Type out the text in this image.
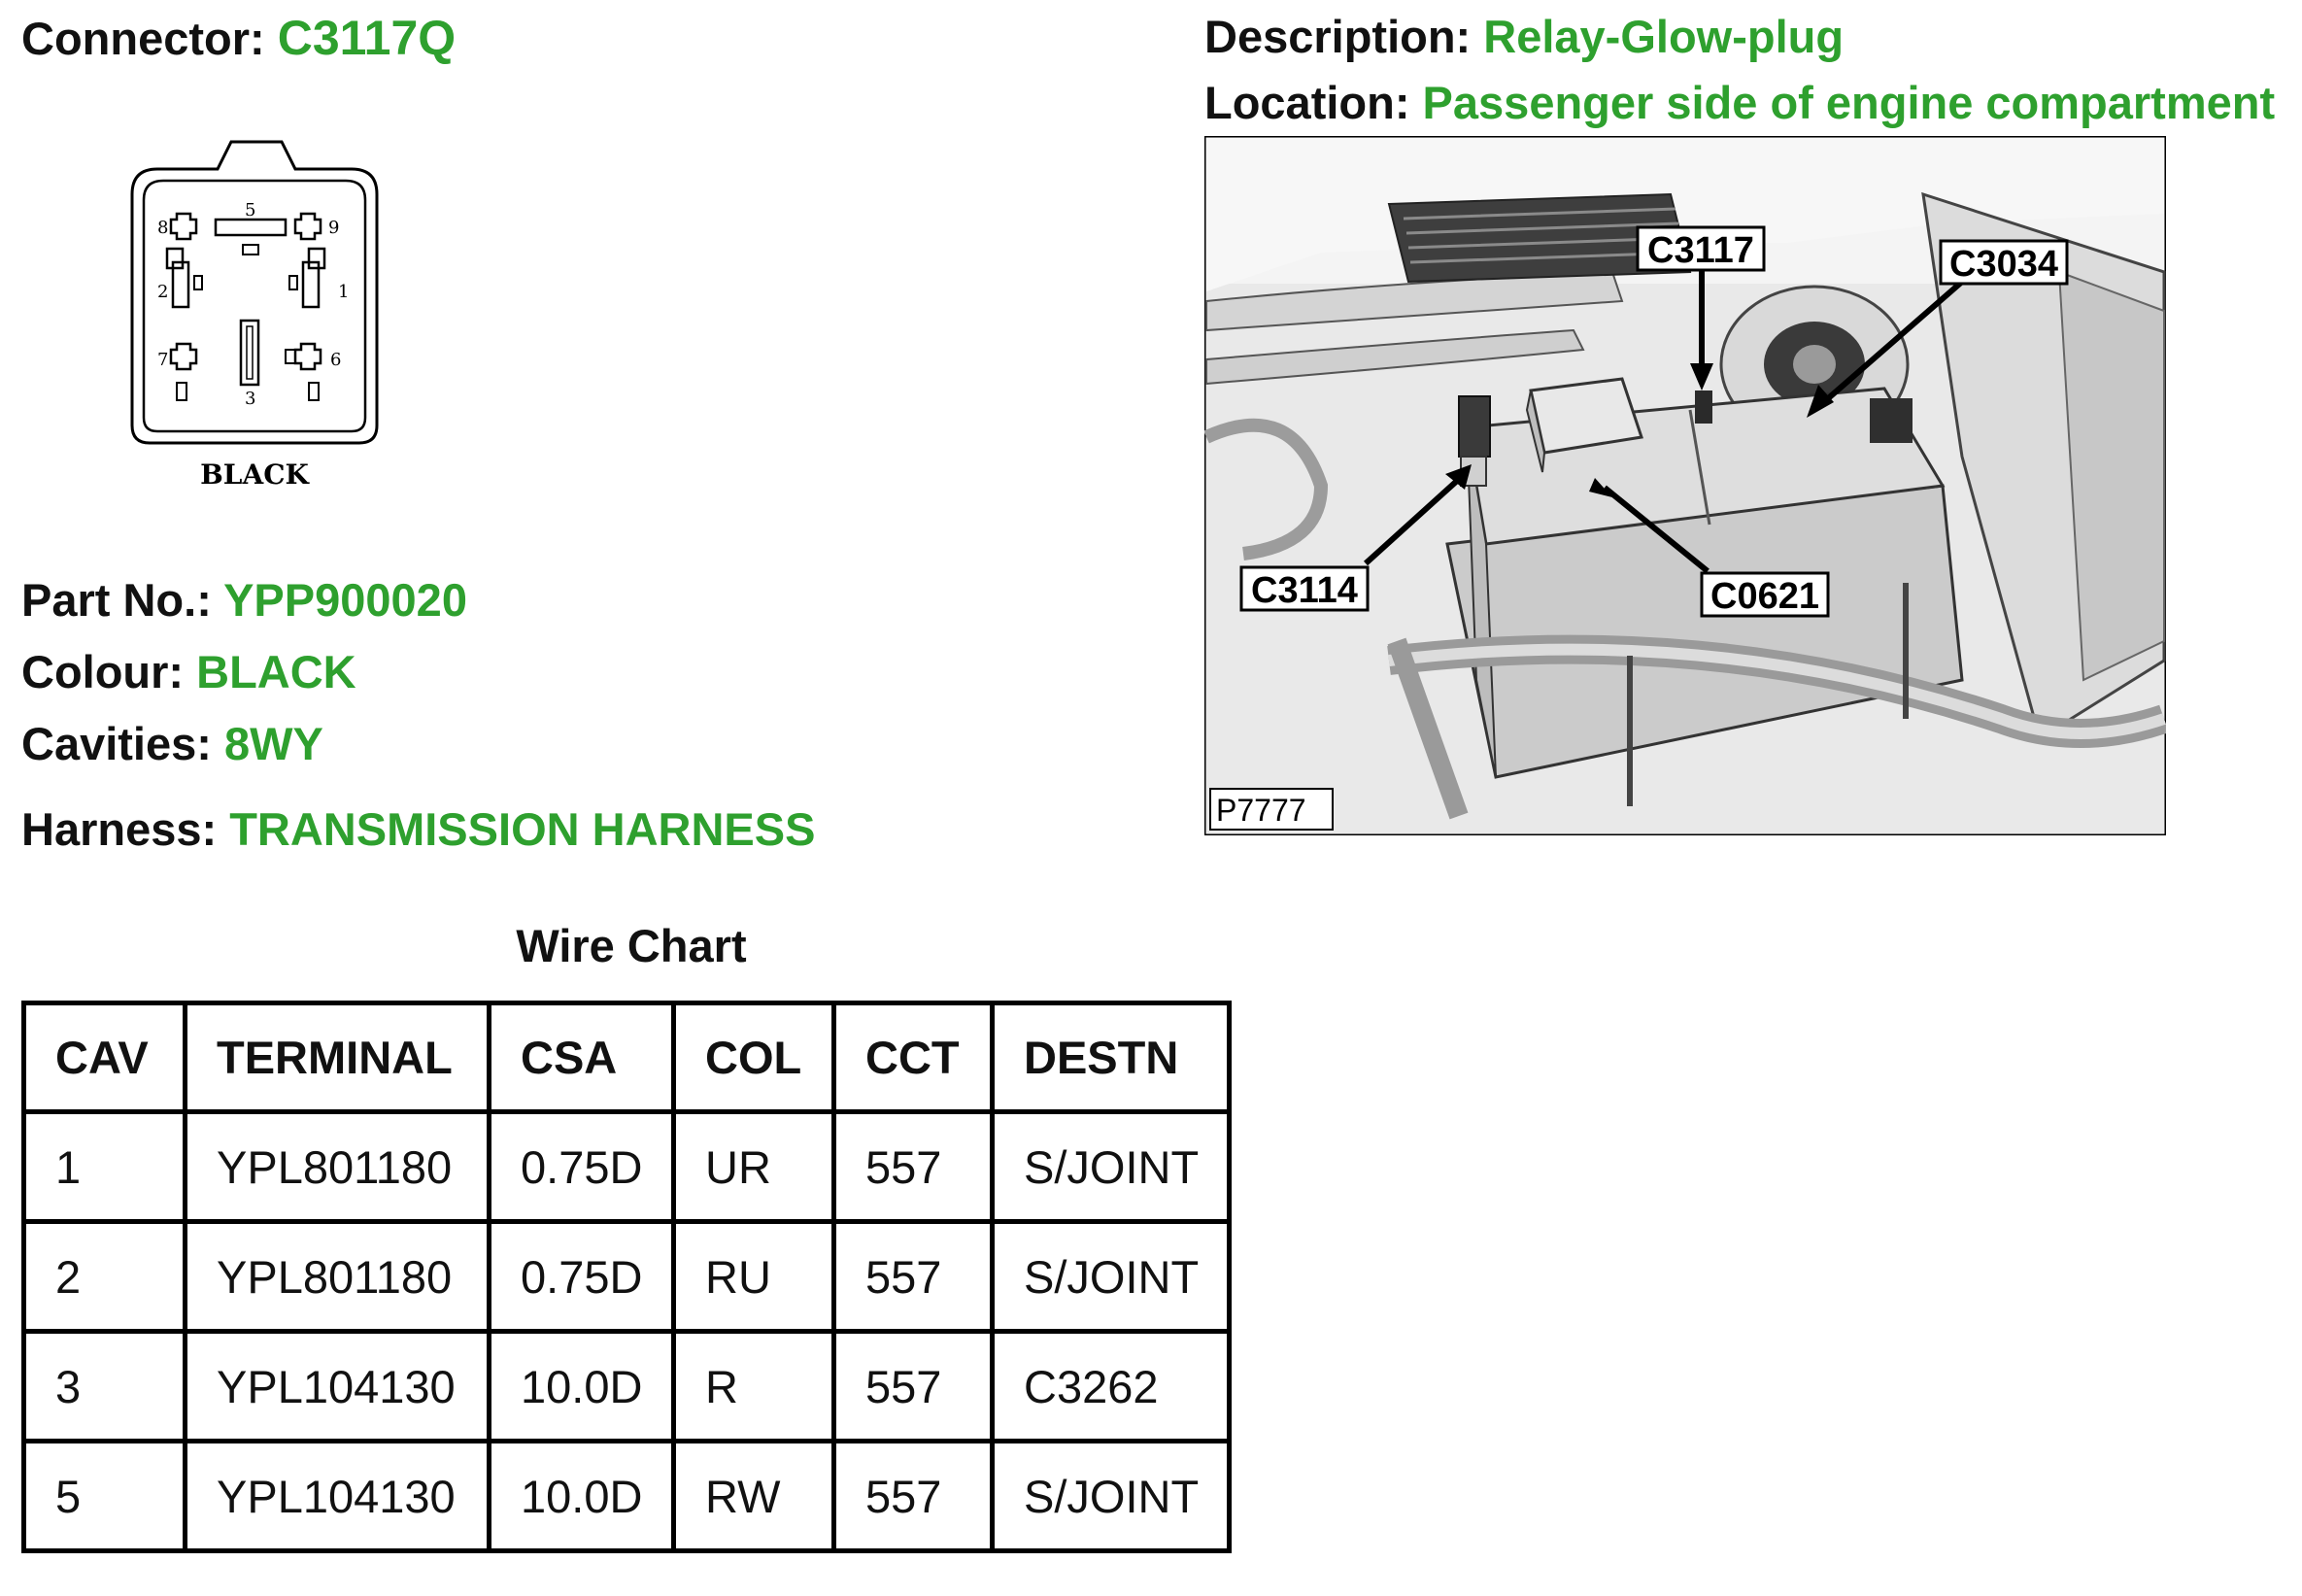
Connector: C3117Q	Description: Relay-Glow-plug
Location: Passenger side of engine compartment
5
8	9
2	1
7	6
3
BLACK
C3117	C3034
C3114	C0621
P7777
Part No.: YPP900020
Colour: BLACK
Cavities: 8WY
Harness: TRANSMISSION HARNESS
Wire Chart
CAV	TERMINAL	CSA	COL	CCT	DESTN
1	YPL801180	0.75D	UR	557	S/JOINT
2	YPL801180	0.75D	RU	557	S/JOINT
3	YPL104130	10.0D	R	557	C3262
5	YPL104130	10.0D	RW	557	S/JOINT
